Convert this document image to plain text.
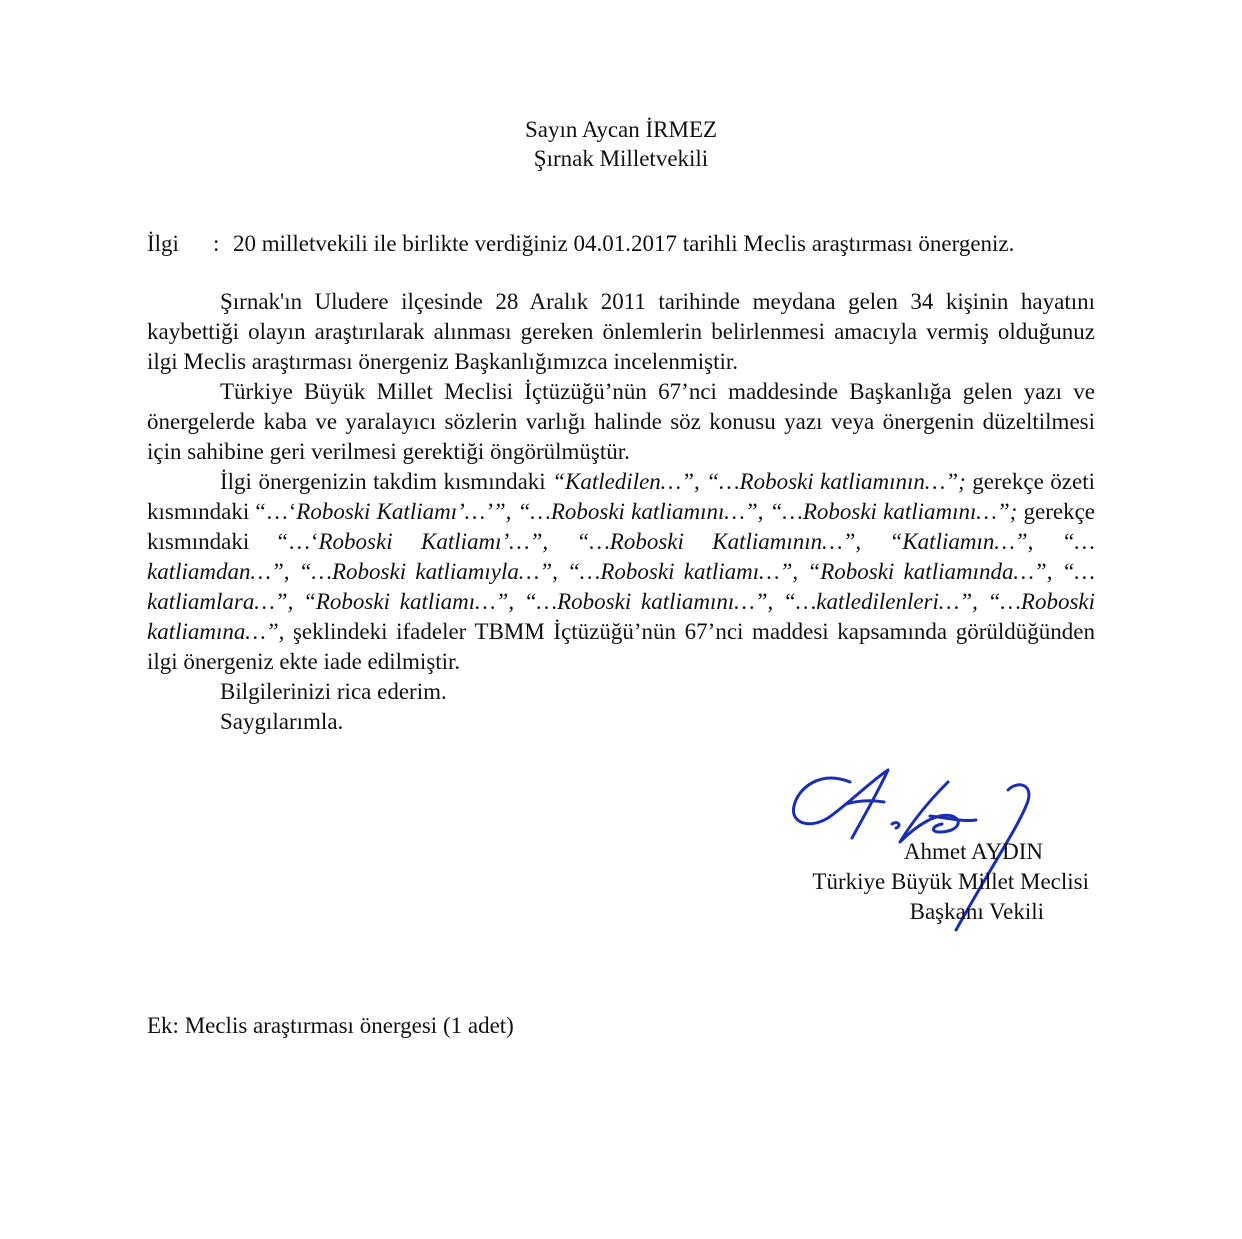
Sayın Aycan İRMEZ
Şırnak Milletvekili
İlgi : 20 milletvekili ile birlikte verdiğiniz 04.01.2017 tarihli Meclis araştırması önergeniz.

Şırnak'ın Uludere ilçesinde 28 Aralık 2011 tarihinde meydana gelen 34 kişinin hayatını kaybettiği olayın araştırılarak alınması gereken önlemlerin belirlenmesi amacıyla vermiş olduğunuz ilgi Meclis araştırması önergeniz Başkanlığımızca incelenmiştir.

Türkiye Büyük Millet Meclisi İçtüzüğü’nün 67’nci maddesinde Başkanlığa gelen yazı ve önergelerde kaba ve yaralayıcı sözlerin varlığı halinde söz konusu yazı veya önergenin düzeltilmesi için sahibine geri verilmesi gerektiği öngörülmüştür.

İlgi önergenizin takdim kısmındaki “Katledilen…”, “…Roboski katliamının…”; gerekçe özeti kısmındaki “…‘Roboski Katliamı’…’”, “…Roboski katliamını…”, “…Roboski katliamını…”; gerekçe kısmındaki “…‘Roboski Katliamı’…”, “…Roboski Katliamının…”, “Katliamın…”, “…katliamdan…”, “…Roboski katliamıyla…”, “…Roboski katliamı…”, “Roboski katliamında…”, “…katliamlara…”, “Roboski katliamı…”, “…Roboski katliamını…”, “…katledilenleri…”, “…Roboski katliamına…”, şeklindeki ifadeler TBMM İçtüzüğü’nün 67’nci maddesi kapsamında görüldüğünden ilgi önergeniz ekte iade edilmiştir.

Bilgilerinizi rica ederim.

Saygılarımla.

Ahmet AYDIN
Türkiye Büyük Millet Meclisi
Başkanı Vekili
Ek: Meclis araştırması önergesi (1 adet)
